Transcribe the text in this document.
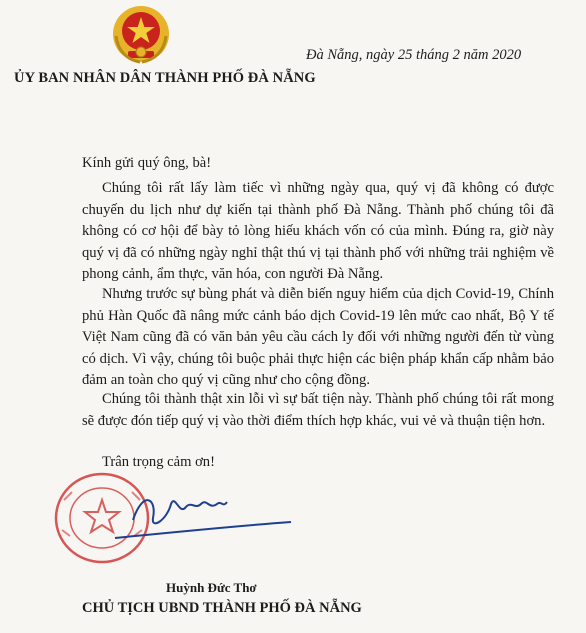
ỦY BAN NHÂN DÂN THÀNH PHỐ ĐÀ NẴNG
Đà Nẵng, ngày 25 tháng 2 năm 2020
Kính gửi quý ông, bà!
Chúng tôi rất lấy làm tiếc vì những ngày qua, quý vị đã không có được chuyến du lịch như dự kiến tại thành phố Đà Nẵng. Thành phố chúng tôi đã không có cơ hội để bày tỏ lòng hiếu khách vốn có của mình. Đúng ra, giờ này quý vị đã có những ngày nghỉ thật thú vị tại thành phố với những trải nghiệm về phong cảnh, ẩm thực, văn hóa, con người Đà Nẵng.
Nhưng trước sự bùng phát và diễn biến nguy hiểm của dịch Covid-19, Chính phủ Hàn Quốc đã nâng mức cảnh báo dịch Covid-19 lên mức cao nhất, Bộ Y tế Việt Nam cũng đã có văn bản yêu cầu cách ly đối với những người đến từ vùng có dịch. Vì vậy, chúng tôi buộc phải thực hiện các biện pháp khẩn cấp nhằm bảo đảm an toàn cho quý vị cũng như cho cộng đồng.
Chúng tôi thành thật xin lỗi vì sự bất tiện này. Thành phố chúng tôi rất mong sẽ được đón tiếp quý vị vào thời điểm thích hợp khác, vui vẻ và thuận tiện hơn.
Trân trọng cảm ơn!
Huỳnh Đức Thơ
CHỦ TỊCH UBND THÀNH PHỐ ĐÀ NẴNG
